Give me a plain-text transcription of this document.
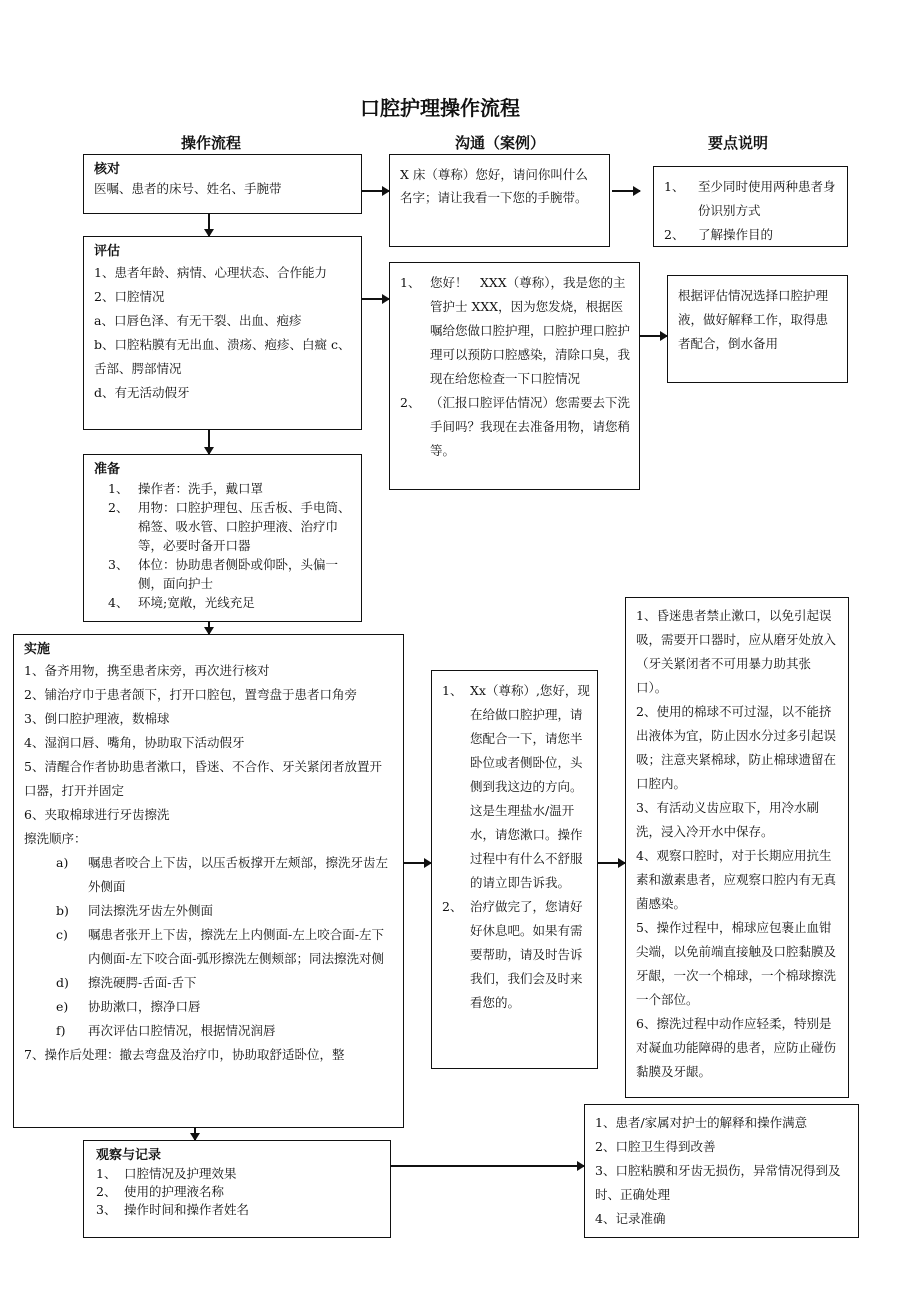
口腔护理操作流程
操作流程	沟通（案例）	要点说明
核对
医嘱、患者的床号、姓名、手腕带
X 床（尊称）您好，请问你叫什么名字；请让我看一下您的手腕带。
1、	至少同时使用两种患者身份识别方式
2、	了解操作目的
评估
1、患者年龄、病情、心理状态、合作能力
2、口腔情况
a、口唇色泽、有无干裂、出血、疱疹
b、口腔粘膜有无出血、溃疡、疱疹、白癍 c、舌部、腭部情况
d、有无活动假牙
1、 您好！　XXX（尊称），我是您的主管护士 XXX，因为您发烧，根据医嘱给您做口腔护理，口腔护理口腔护理可以预防口腔感染，清除口臭，我现在给您检查一下口腔情况
2、 （汇报口腔评估情况）您需要去下洗手间吗？我现在去准备用物，请您稍等。
根据评估情况选择口腔护理液，做好解释工作，取得患者配合，倒水备用
准备
1、 操作者：洗手，戴口罩
2、 用物：口腔护理包、压舌板、手电筒、棉签、吸水管、口腔护理液、治疗巾等，必要时备开口器
3、 体位：协助患者侧卧或仰卧，头偏一侧，面向护士
4、 环境;宽敞，光线充足
实施
1、备齐用物，携至患者床旁，再次进行核对
2、铺治疗巾于患者颌下，打开口腔包，置弯盘于患者口角旁
3、倒口腔护理液，数棉球
4、湿润口唇、嘴角，协助取下活动假牙
5、清醒合作者协助患者漱口，昏迷、不合作、牙关紧闭者放置开口器，打开并固定
6、夹取棉球进行牙齿擦洗
擦洗顺序：
a)	嘱患者咬合上下齿，以压舌板撑开左颊部，擦洗牙齿左外侧面
b)	同法擦洗牙齿左外侧面
c)	嘱患者张开上下齿，擦洗左上内侧面-左上咬合面-左下内侧面-左下咬合面-弧形擦洗左侧颊部；同法擦洗对侧
d)	擦洗硬腭-舌面-舌下
e)	协助漱口，擦净口唇
f)	再次评估口腔情况，根据情况润唇
7、操作后处理：撤去弯盘及治疗巾，协助取舒适卧位，整
1、 Xx（尊称）,您好，现在给做口腔护理，请您配合一下，请您半卧位或者侧卧位，头侧到我这边的方向。这是生理盐水/温开水，请您漱口。操作过程中有什么不舒服的请立即告诉我。
2、 治疗做完了，您请好好休息吧。如果有需要帮助，请及时告诉我们，我们会及时来看您的。
1、昏迷患者禁止漱口，以免引起误吸，需要开口器时，应从磨牙处放入（牙关紧闭者不可用暴力助其张口）。
2、使用的棉球不可过湿，以不能挤出液体为宜，防止因水分过多引起误吸；注意夹紧棉球，防止棉球遗留在口腔内。
3、有活动义齿应取下，用冷水刷洗，浸入冷开水中保存。
4、观察口腔时，对于长期应用抗生素和激素患者，应观察口腔内有无真菌感染。
5、操作过程中，棉球应包裹止血钳尖端，以免前端直接触及口腔黏膜及牙龈，一次一个棉球，一个棉球擦洗一个部位。
6、擦洗过程中动作应轻柔，特别是对凝血功能障碍的患者，应防止碰伤黏膜及牙龈。
观察与记录
1、 口腔情况及护理效果
2、 使用的护理液名称
3、 操作时间和操作者姓名
1、患者/家属对护士的解释和操作满意
2、口腔卫生得到改善
3、口腔粘膜和牙齿无损伤，异常情况得到及时、正确处理
4、记录准确
